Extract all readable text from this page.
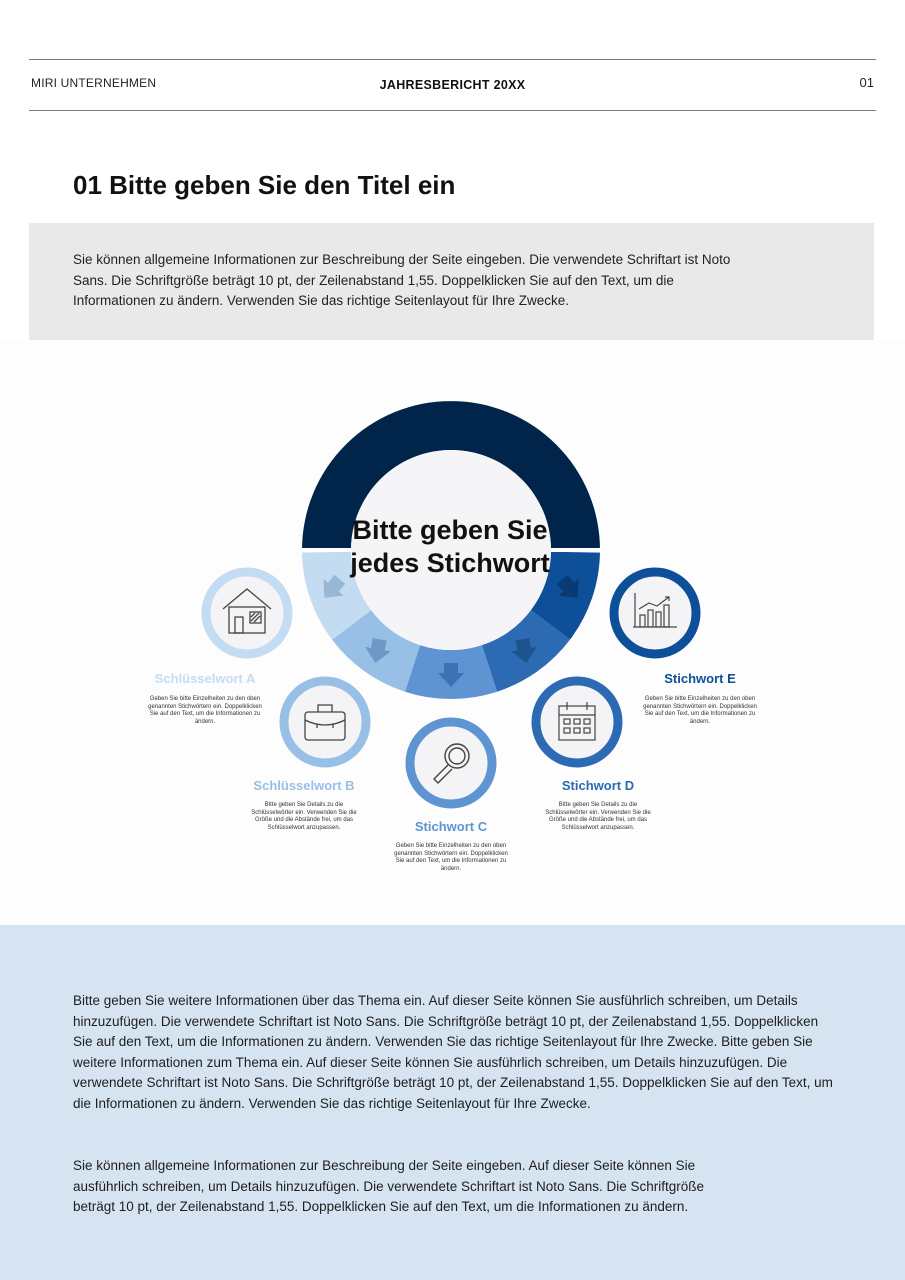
MIRI UNTERNEHMEN	JAHRESBERICHT 20XX	01
01 Bitte geben Sie den Titel ein

Sie können allgemeine Informationen zur Beschreibung der Seite eingeben. Die verwendete Schriftart ist Noto Sans. Die Schriftgröße beträgt 10 pt, der Zeilenabstand 1,55. Doppelklicken Sie auf den Text, um die Informationen zu ändern. Verwenden Sie das richtige Seitenlayout für Ihre Zwecke.

Bitte geben Sie jedes Stichwort
Schlüsselwort A
Geben Sie bitte Einzelheiten zu den oben genannten Stichwörtern ein. Doppelklicken Sie auf den Text, um die Informationen zu ändern.
Schlüsselwort B
Bitte geben Sie Details zu die Schlüsselwörter ein. Verwenden Sie die Größe und die Abstände frei, um das Schlüsselwort anzupassen.	Stichwort C
Geben Sie bitte Einzelheiten zu den oben genannten Stichwörtern ein. Doppelklicken Sie auf den Text, um die Informationen zu ändern.
Stichwort D
Bitte geben Sie Details zu die Schlüsselwörter ein. Verwenden Sie die Größe und die Abstände frei, um das Schlüsselwort anzupassen.
Stichwort E
Geben Sie bitte Einzelheiten zu den oben genannten Stichwörtern ein. Doppelklicken Sie auf den Text, um die Informationen zu ändern.

Bitte geben Sie weitere Informationen über das Thema ein. Auf dieser Seite können Sie ausführlich schreiben, um Details hinzuzufügen. Die verwendete Schriftart ist Noto Sans. Die Schriftgröße beträgt 10 pt, der Zeilenabstand 1,55. Doppelklicken Sie auf den Text, um die Informationen zu ändern. Verwenden Sie das richtige Seitenlayout für Ihre Zwecke. Bitte geben Sie weitere Informationen zum Thema ein. Auf dieser Seite können Sie ausführlich schreiben, um Details hinzuzufügen. Die verwendete Schriftart ist Noto Sans. Die Schriftgröße beträgt 10 pt, der Zeilenabstand 1,55. Doppelklicken Sie auf den Text, um die Informationen zu ändern. Verwenden Sie das richtige Seitenlayout für Ihre Zwecke.

Sie können allgemeine Informationen zur Beschreibung der Seite eingeben. Auf dieser Seite können Sie ausführlich schreiben, um Details hinzuzufügen. Die verwendete Schriftart ist Noto Sans. Die Schriftgröße beträgt 10 pt, der Zeilenabstand 1,55. Doppelklicken Sie auf den Text, um die Informationen zu ändern.
